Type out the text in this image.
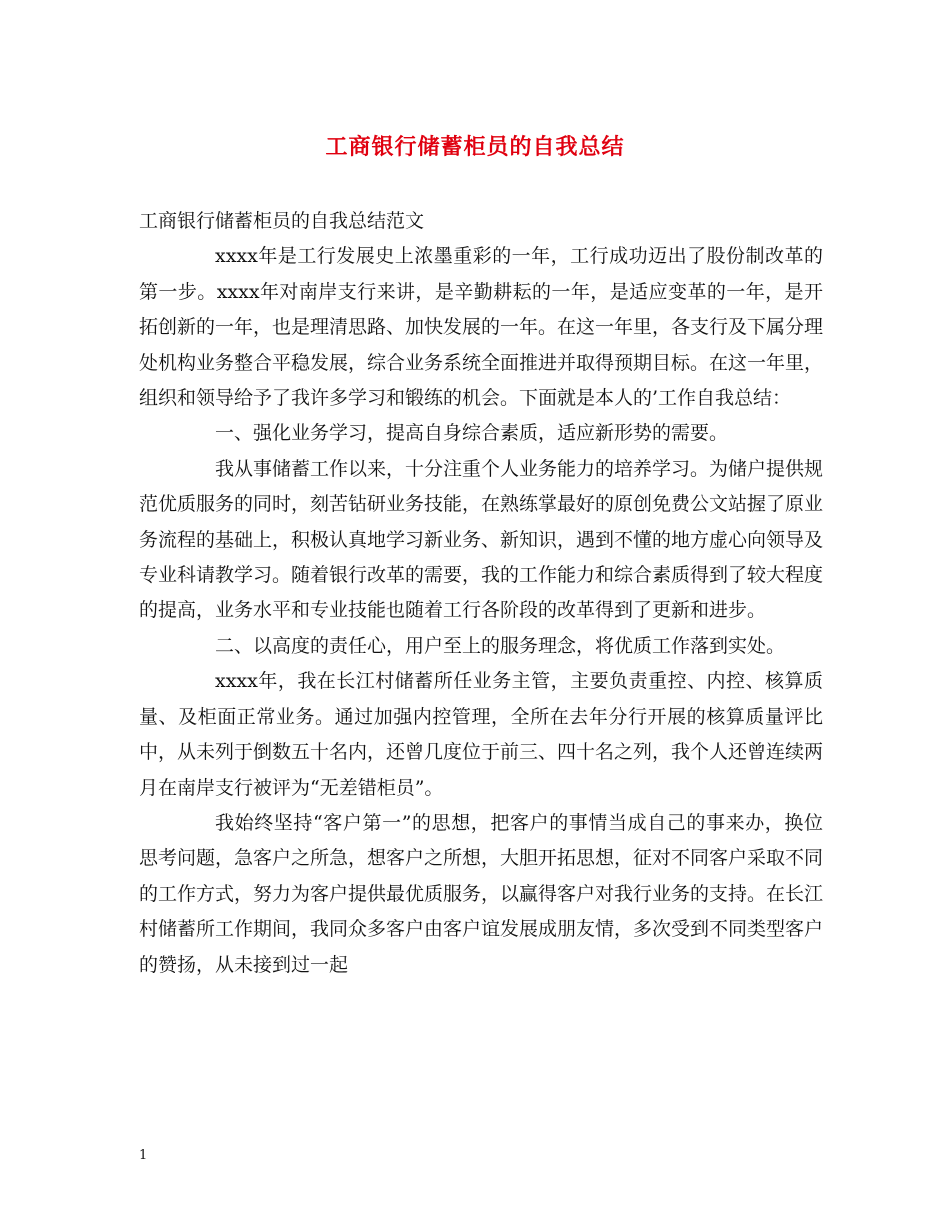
工商银行储蓄柜员的自我总结

工商银行储蓄柜员的自我总结范文

xxxx年是工行发展史上浓墨重彩的一年，工行成功迈出了股份制改革的第一步。xxxx年对南岸支行来讲，是辛勤耕耘的一年，是适应变革的一年，是开拓创新的一年，也是理清思路、加快发展的一年。在这一年里，各支行及下属分理处机构业务整合平稳发展，综合业务系统全面推进并取得预期目标。在这一年里，组织和领导给予了我许多学习和锻练的机会。下面就是本人的’工作自我总结：

一、强化业务学习，提高自身综合素质，适应新形势的需要。

我从事储蓄工作以来，十分注重个人业务能力的培养学习。为储户提供规范优质服务的同时，刻苦钻研业务技能，在熟练掌最好的原创免费公文站握了原业务流程的基础上，积极认真地学习新业务、新知识，遇到不懂的地方虚心向领导及专业科请教学习。随着银行改革的需要，我的工作能力和综合素质得到了较大程度的提高，业务水平和专业技能也随着工行各阶段的改革得到了更新和进步。

二、以高度的责任心，用户至上的服务理念，将优质工作落到实处。

xxxx年，我在长江村储蓄所任业务主管，主要负责重控、内控、核算质量、及柜面正常业务。通过加强内控管理，全所在去年分行开展的核算质量评比中，从未列于倒数五十名内，还曾几度位于前三、四十名之列，我个人还曾连续两月在南岸支行被评为“无差错柜员”。

我始终坚持“客户第一”的思想，把客户的事情当成自己的事来办，换位思考问题，急客户之所急，想客户之所想，大胆开拓思想，征对不同客户采取不同的工作方式，努力为客户提供最优质服务，以赢得客户对我行业务的支持。在长江村储蓄所工作期间，我同众多客户由客户谊发展成朋友情，多次受到不同类型客户的赞扬，从未接到过一起

1
